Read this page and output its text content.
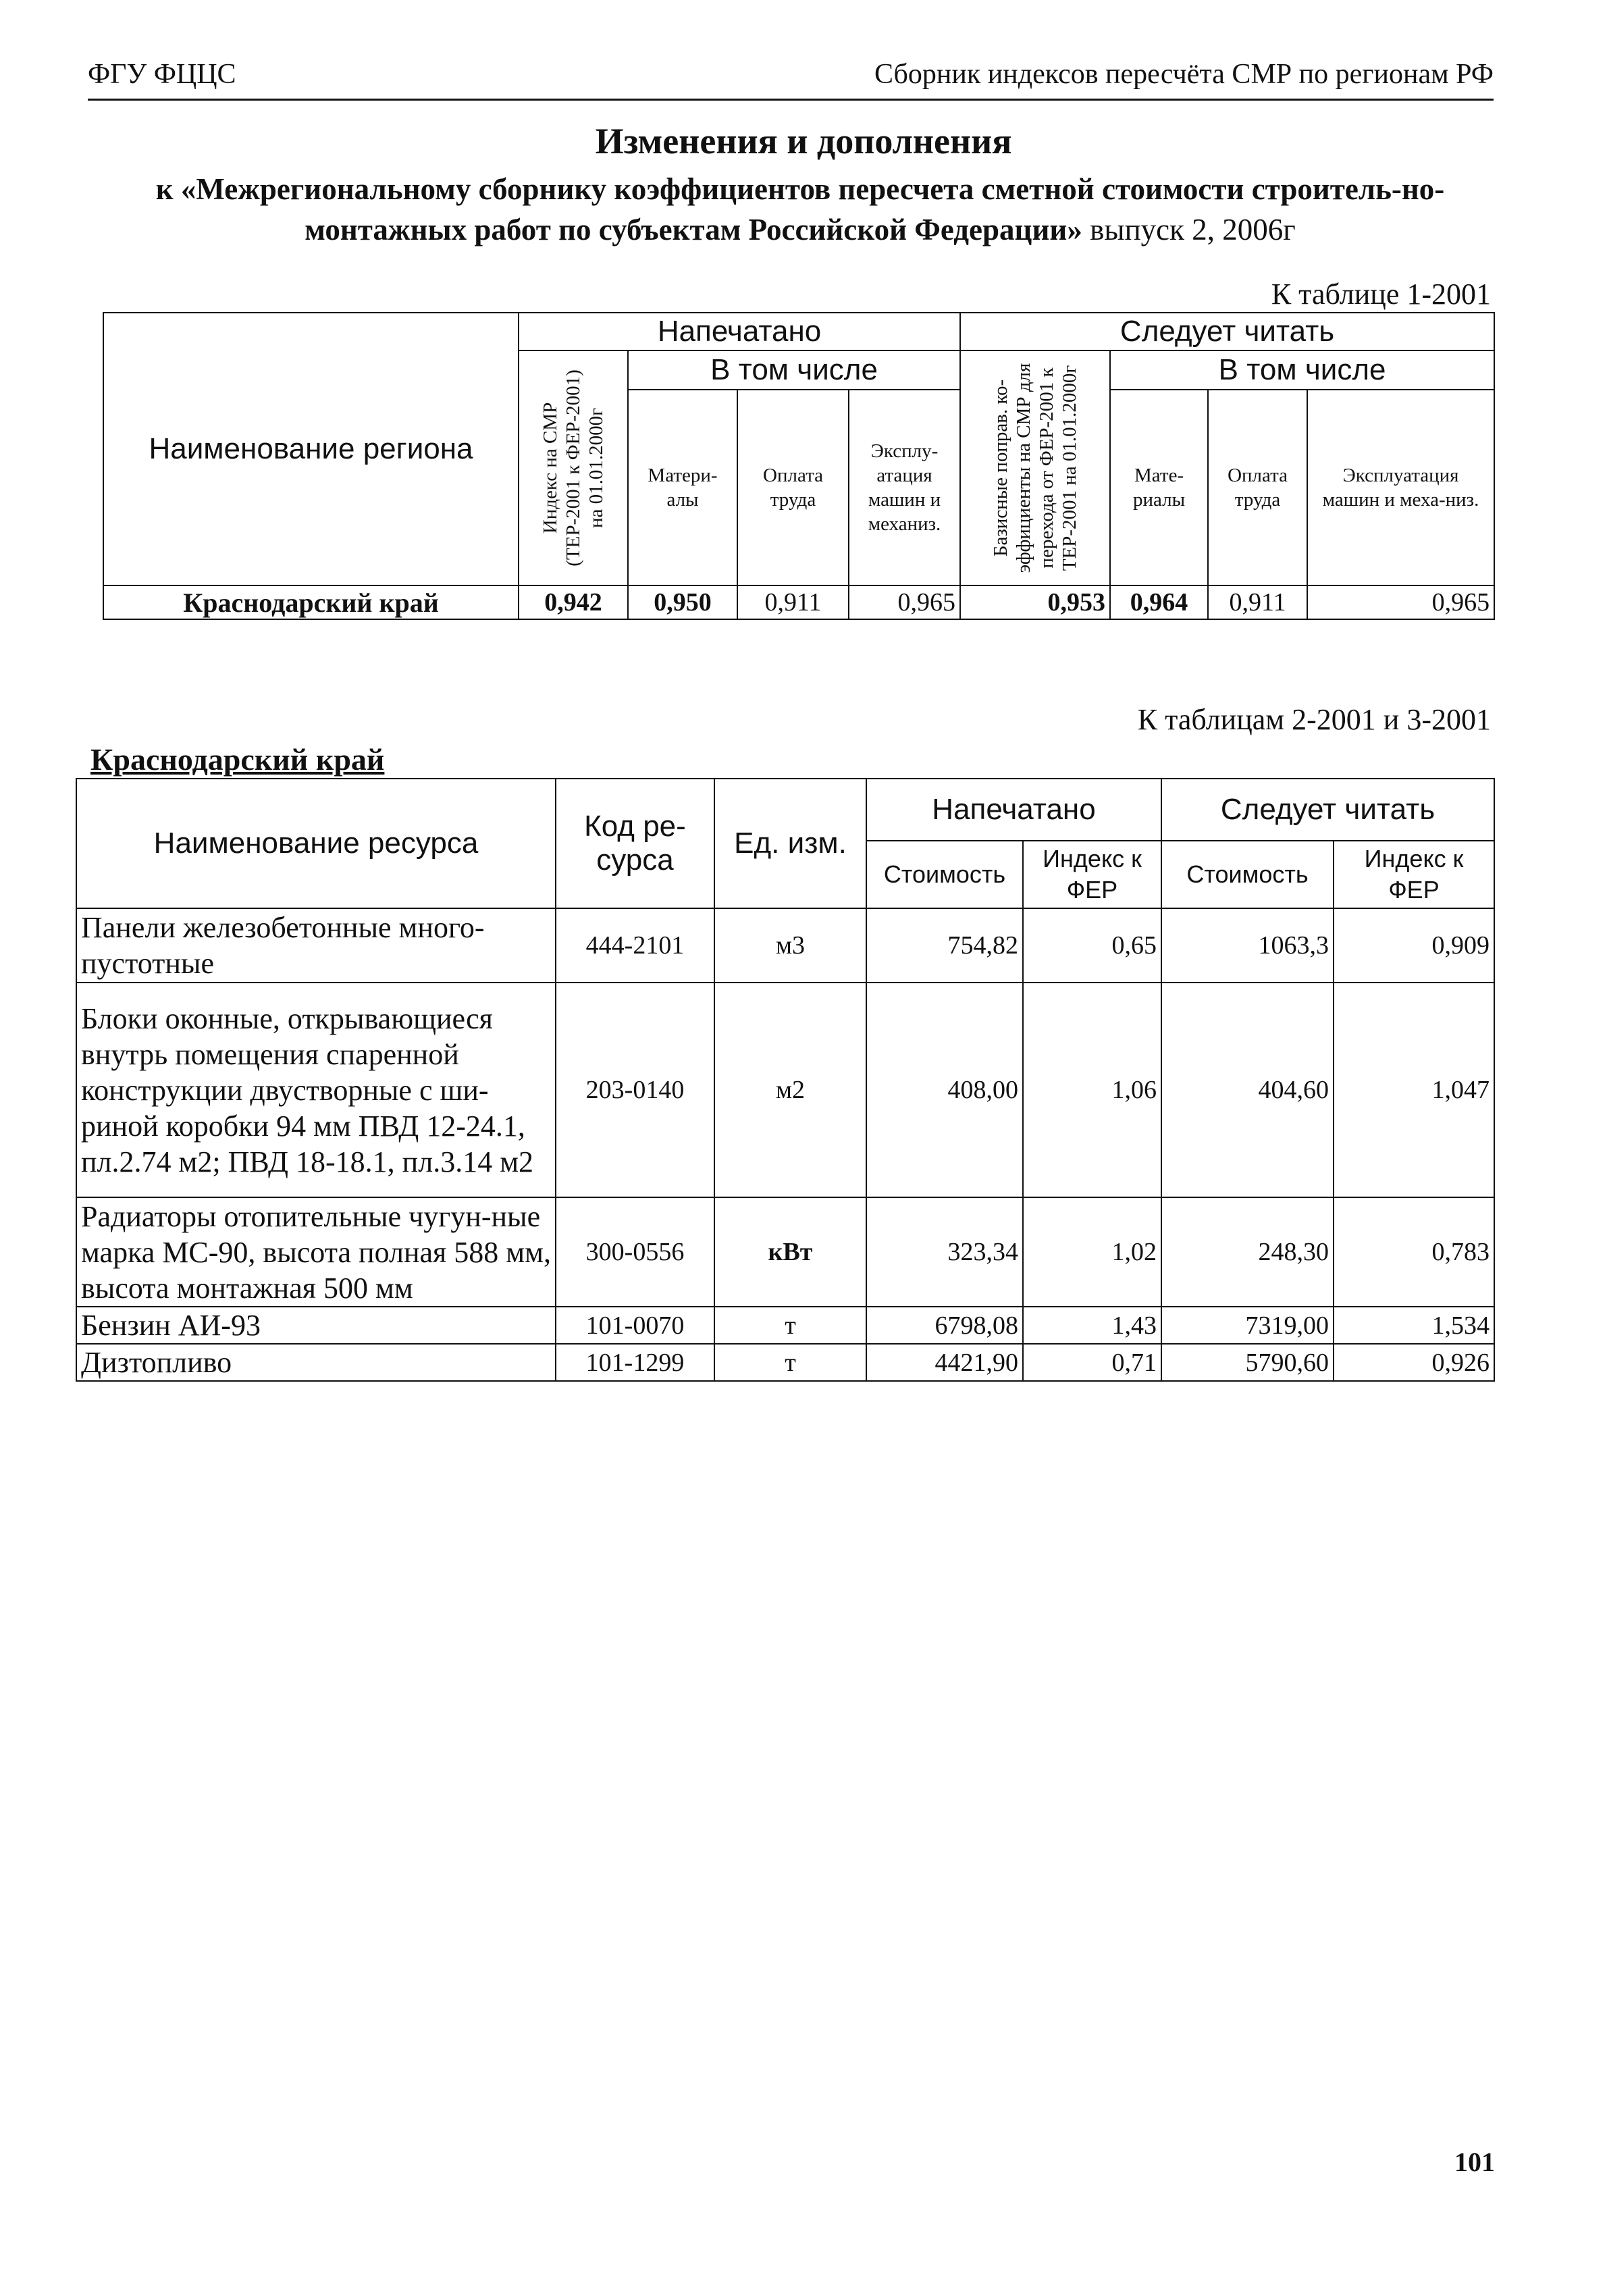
ФГУ ФЦЦС	Сборник индексов пересчёта СМР по регионам РФ
Изменения и дополнения
к «Межрегиональному сборнику коэффициентов пересчета сметной стоимости строитель-но-монтажных работ по субъектам Российской Федерации» выпуск 2, 2006г
К таблице 1-2001
Наименование региона	Напечатано				Следует читать			

	Индекс на СМР (ТЕР-2001 к ФЕР-2001) на 01.01.2000г	В том числе			Базисные поправ. ко-эффициенты на СМР для перехода от ФЕР-2001 к ТЕР-2001 на 01.01.2000г	В том числе		
		Матери-алы	Оплата труда	Эксплу-атация машин и механиз.		Мате-риалы	Оплата труда	Эксплуатация машин и меха-низ.
Краснодарский край	0,942	0,950	0,911	0,965	0,953	0,964	0,911	0,965
К таблицам 2-2001 и 3-2001
Краснодарский край
Наименование ресурса	Код ре-сурса	Ед. изм.	Напечатано		Следует читать	
			Стоимость	Индекс к ФЕР	Стоимость	Индекс к ФЕР
Панели железобетонные много-пустотные	444-2101	м3	754,82	0,65	1063,3	0,909
Блоки оконные, открывающиеся внутрь помещения спаренной конструкции двустворные с ши-риной коробки 94 мм ПВД 12-24.1, пл.2.74 м2; ПВД 18-18.1, пл.3.14 м2	203-0140	м2	408,00	1,06	404,60	1,047
Радиаторы отопительные чугун-ные марка МС-90, высота полная 588 мм, высота монтажная 500 мм	300-0556	кВт	323,34	1,02	248,30	0,783
Бензин АИ-93	101-0070	т	6798,08	1,43	7319,00	1,534
Дизтопливо	101-1299	т	4421,90	0,71	5790,60	0,926
101
